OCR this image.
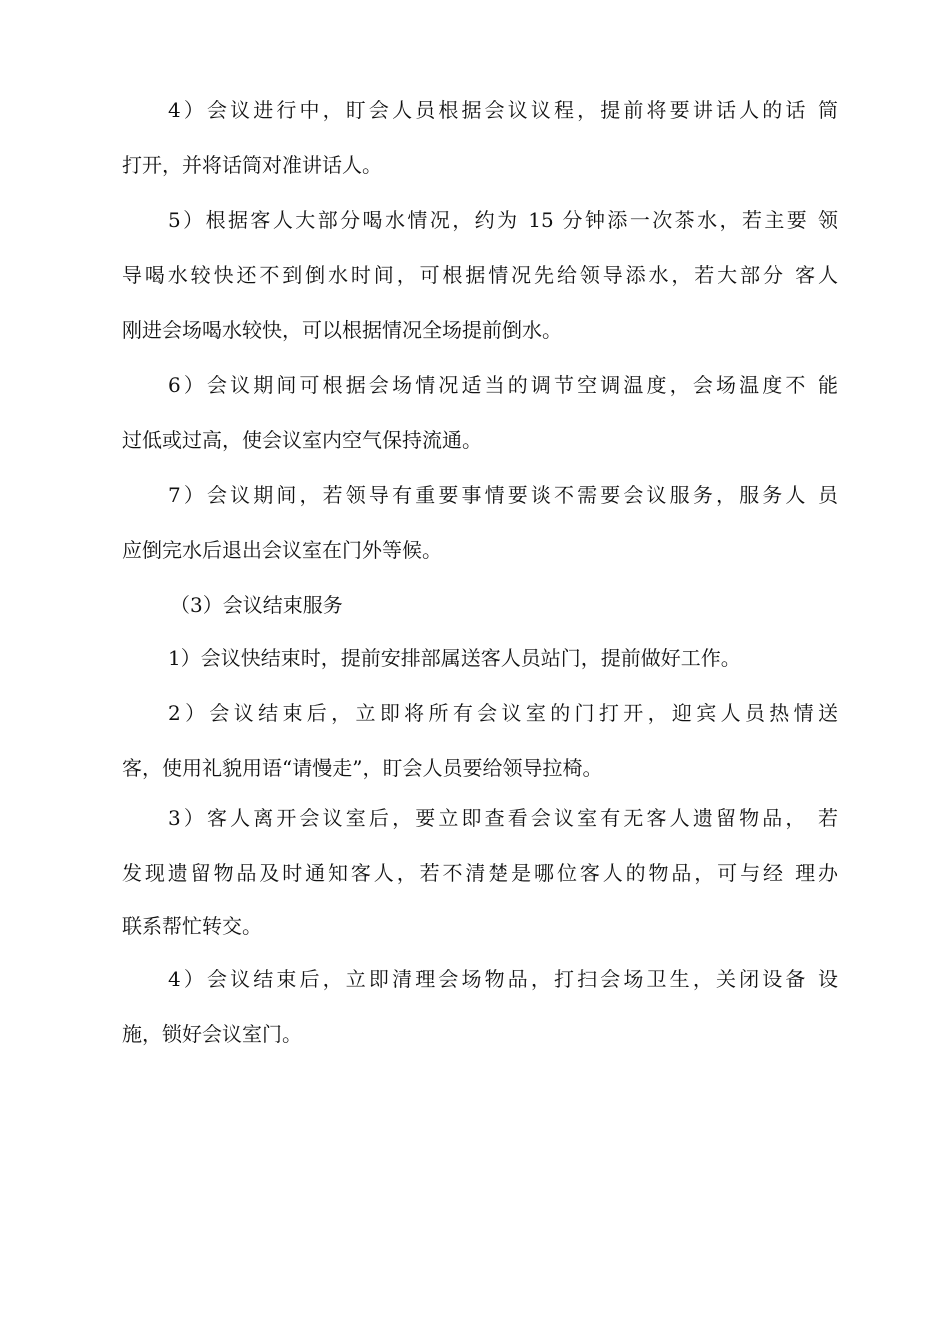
4）会议进行中，盯会人员根据会议议程，提前将要讲话人的话 筒
打开，并将话筒对准讲话人。
5）根据客人大部分喝水情况，约为 15 分钟添一次茶水，若主要 领
导喝水较快还不到倒水时间，可根据情况先给领导添水，若大部分 客人
刚进会场喝水较快，可以根据情况全场提前倒水。
6）会议期间可根据会场情况适当的调节空调温度，会场温度不 能
过低或过高，使会议室内空气保持流通。
7）会议期间，若领导有重要事情要谈不需要会议服务，服务人 员
应倒完水后退出会议室在门外等候。
（3）会议结束服务
1）会议快结束时，提前安排部属送客人员站门，提前做好工作。
2）会议结束后，立即将所有会议室的门打开，迎宾人员热情送
客，使用礼貌用语“请慢走”，盯会人员要给领导拉椅。
3）客人离开会议室后，要立即查看会议室有无客人遗留物品， 若
发现遗留物品及时通知客人，若不清楚是哪位客人的物品，可与经 理办
联系帮忙转交。
4）会议结束后，立即清理会场物品，打扫会场卫生，关闭设备 设
施，锁好会议室门。
